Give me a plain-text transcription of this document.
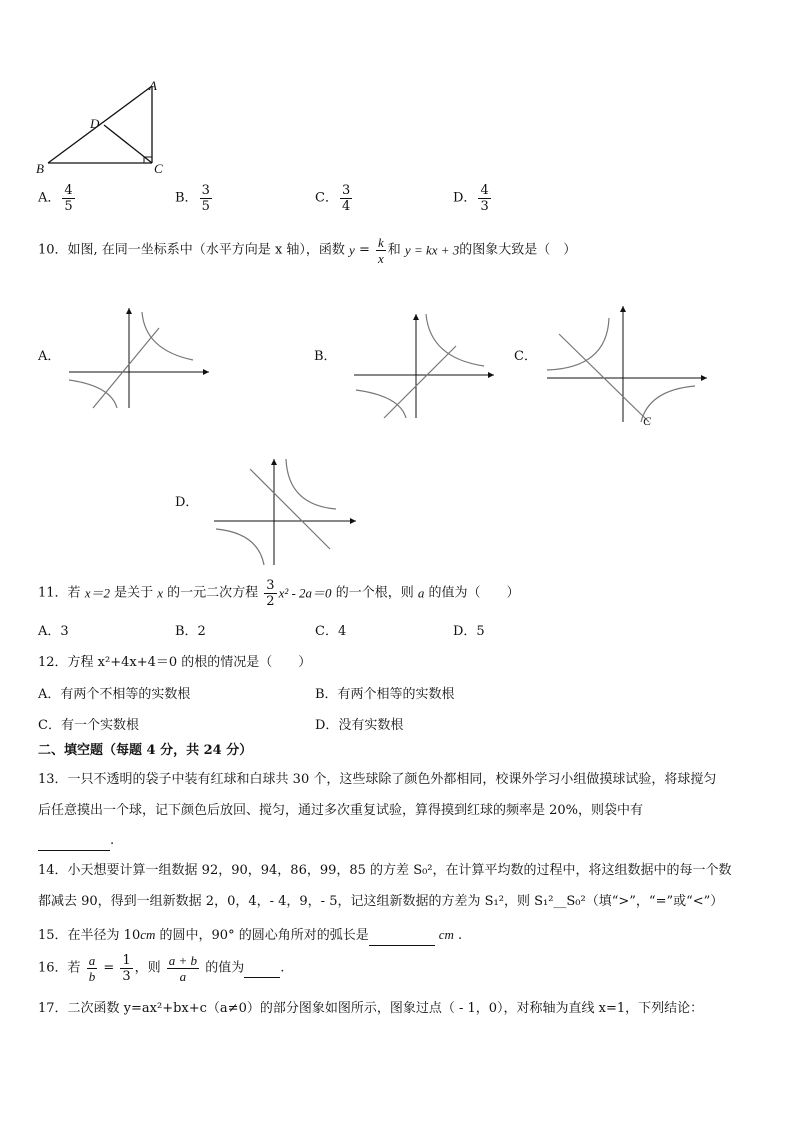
A
B	C
D
A． $\frac{4}{5}$	B． $\frac{3}{5}$	C． $\frac{3}{4}$	D． $\frac{4}{3}$
10．如图, 在同一坐标系中（水平方向是 x 轴），函数 $y = \frac{k}{x}$ 和 y = kx + 3的图象大致是（　）
A．	B．	C．
D．
C
11．若 x＝2 是关于 x 的一元二次方程 $\frac{3}{2} x^2 - 2a=0$ 的一个根，则 a 的值为（　　）
A．3	B．2	C．4	D．5
12．方程 x²+4x+4＝0 的根的情况是（　　）
A．有两个不相等的实数根	B．有两个相等的实数根
C．有一个实数根	D．没有实数根
二、填空题（每题 4 分，共 24 分）
13．一只不透明的袋子中装有红球和白球共 30 个，这些球除了颜色外都相同，校课外学习小组做摸球试验，将球搅匀
后任意摸出一个球，记下颜色后放回、搅匀，通过多次重复试验，算得摸到红球的频率是 20%，则袋中有
.
14．小天想要计算一组数据 92，90，94，86，99，85 的方差 S₀²，在计算平均数的过程中，将这组数据中的每一个数
都减去 90，得到一组新数据 2，0，4，- 4，9，- 5，记这组新数据的方差为 S₁²，则 S₁²__S₀²（填“>”，“=”或“<”）
15．在半径为 10cm 的圆中，90° 的圆心角所对的弧长是	cm .
16．若 $\frac{a}{b} = \frac{1}{3}$ ，则 $\frac{a + b}{a}$ 的值为	.
17．二次函数 y=ax²+bx+c（a≠0）的部分图象如图所示，图象过点（ - 1，0），对称轴为直线 x=1，下列结论：
